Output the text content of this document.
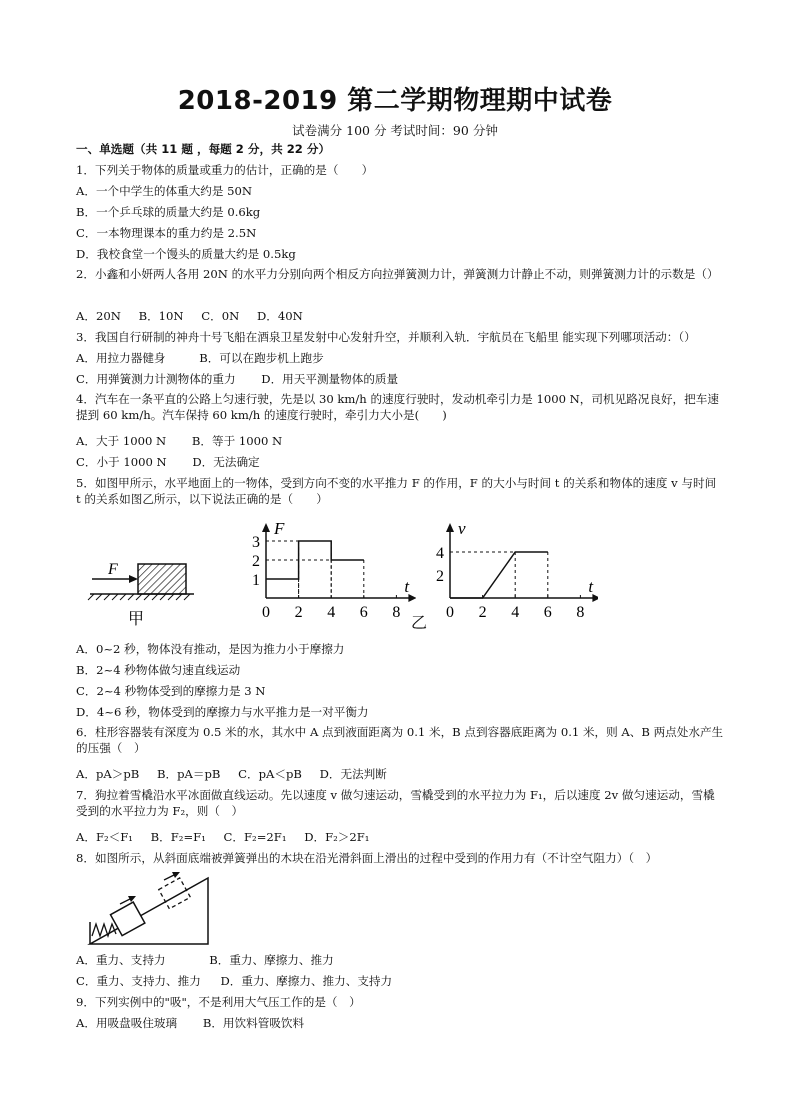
2018-2019 第二学期物理期中试卷
试卷满分 100 分 考试时间：90 分钟
一、单选题（共 11 题 ，每题 2 分，共 22 分）
1．下列关于物体的质量或重力的估计，正确的是（　　）
A．一个中学生的体重大约是 50N
B．一个乒乓球的质量大约是 0.6kg
C．一本物理课本的重力约是 2.5N
D．我校食堂一个馒头的质量大约是 0.5kg
2．小鑫和小妍两人各用 20N 的水平力分别向两个相反方向拉弹簧测力计，弹簧测力计静止不动，则弹簧测力计的示数是（）
A．20N B．10N C．0N D．40N
3．我国自行研制的神舟十号飞船在酒泉卫星发射中心发射升空，并顺利入轨．宇航员在飞船里 能实现下列哪项活动：（）
A．用拉力器健身	B．可以在跑步机上跑步
C．用弹簧测力计测物体的重力 D．用天平测量物体的质量
4．汽车在一条平直的公路上匀速行驶，先是以 30 km/h 的速度行驶时，发动机牵引力是 1000 N，司机见路况良好，把车速提到 60 km/h。汽车保持 60 km/h 的速度行驶时，牵引力大小是(　　)
A．大于 1000 N B．等于 1000 N
C．小于 1000 N D．无法确定
5．如图甲所示，水平地面上的一物体，受到方向不变的水平推力 F 的作用，F 的大小与时间 t 的关系和物体的速度 v 与时间 t 的关系如图乙所示，以下说法正确的是（　　）
F
甲
F
t
0 2 4 6 8
1
2
3
v
t
0 2 4 6 8
2
4
乙
A．0~2 秒，物体没有推动，是因为推力小于摩擦力
B．2~4 秒物体做匀速直线运动
C．2~4 秒物体受到的摩擦力是 3 N
D．4~6 秒，物体受到的摩擦力与水平推力是一对平衡力
6．柱形容器装有深度为 0.5 米的水，其水中 A 点到液面距离为 0.1 米，B 点到容器底距离为 0.1 米，则 A、B 两点处水产生的压强（　）
A．pA＞pB B．pA＝pB C．pA＜pB D．无法判断
7．狗拉着雪橇沿水平冰面做直线运动。先以速度 v 做匀速运动，雪橇受到的水平拉力为 F₁，后以速度 2v 做匀速运动，雪橇受到的水平拉力为 F₂，则（　）
A．F₂＜F₁ B．F₂=F₁ C．F₂=2F₁ D．F₂＞2F₁
8．如图所示，从斜面底端被弹簧弹出的木块在沿光滑斜面上滑出的过程中受到的作用力有（不计空气阻力）（　）
A．重力、支持力	B．重力、摩擦力、推力
C．重力、支持力、推力 D．重力、摩擦力、推力、支持力
9．下列实例中的"吸"，不是利用大气压工作的是（　）
A．用吸盘吸住玻璃 B．用饮料管吸饮料
